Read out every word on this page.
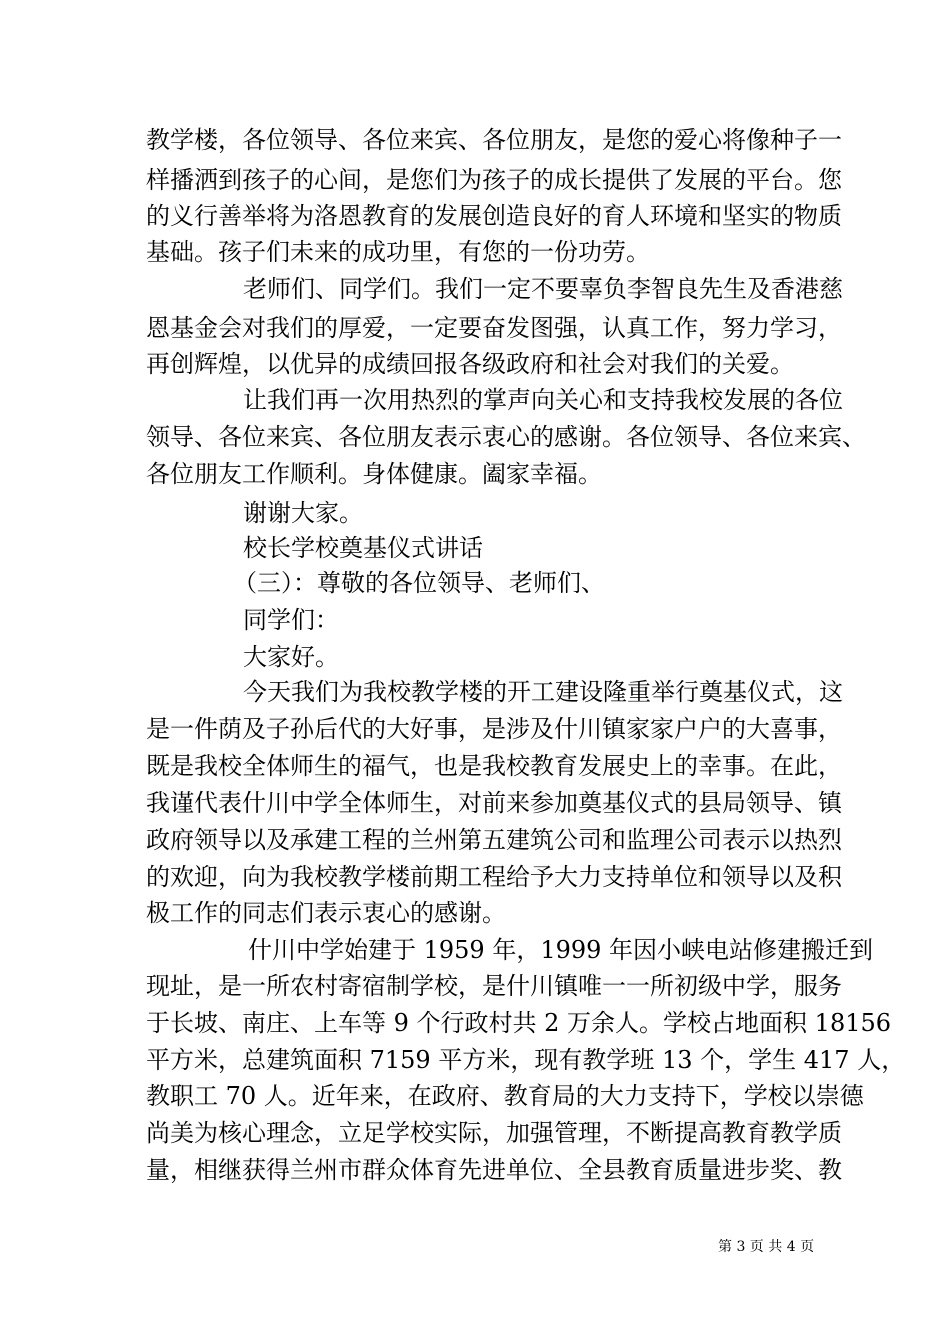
教学楼，各位领导、各位来宾、各位朋友，是您的爱心将像种子一
样播洒到孩子的心间，是您们为孩子的成长提供了发展的平台。您
的义行善举将为洛恩教育的发展创造良好的育人环境和坚实的物质
基础。孩子们未来的成功里，有您的一份功劳。
老师们、同学们。我们一定不要辜负李智良先生及香港慈
恩基金会对我们的厚爱，一定要奋发图强，认真工作，努力学习，
再创辉煌，以优异的成绩回报各级政府和社会对我们的关爱。
让我们再一次用热烈的掌声向关心和支持我校发展的各位
领导、各位来宾、各位朋友表示衷心的感谢。各位领导、各位来宾、
各位朋友工作顺利。身体健康。阖家幸福。
谢谢大家。
校长学校奠基仪式讲话
（三）：尊敬的各位领导、老师们、
同学们：
大家好。
今天我们为我校教学楼的开工建设隆重举行奠基仪式，这
是一件荫及子孙后代的大好事，是涉及什川镇家家户户的大喜事，
既是我校全体师生的福气，也是我校教育发展史上的幸事。在此，
我谨代表什川中学全体师生，对前来参加奠基仪式的县局领导、镇
政府领导以及承建工程的兰州第五建筑公司和监理公司表示以热烈
的欢迎，向为我校教学楼前期工程给予大力支持单位和领导以及积
极工作的同志们表示衷心的感谢。
什川中学始建于 1959 年，1999 年因小峡电站修建搬迁到
现址，是一所农村寄宿制学校，是什川镇唯一一所初级中学，服务
于长坡、南庄、上车等 9 个行政村共 2 万余人。学校占地面积 18156
平方米，总建筑面积 7159 平方米，现有教学班 13 个，学生 417 人，
教职工 70 人。近年来，在政府、教育局的大力支持下，学校以崇德
尚美为核心理念，立足学校实际，加强管理，不断提高教育教学质
量，相继获得兰州市群众体育先进单位、全县教育质量进步奖、教
第 3 页 共 4 页
